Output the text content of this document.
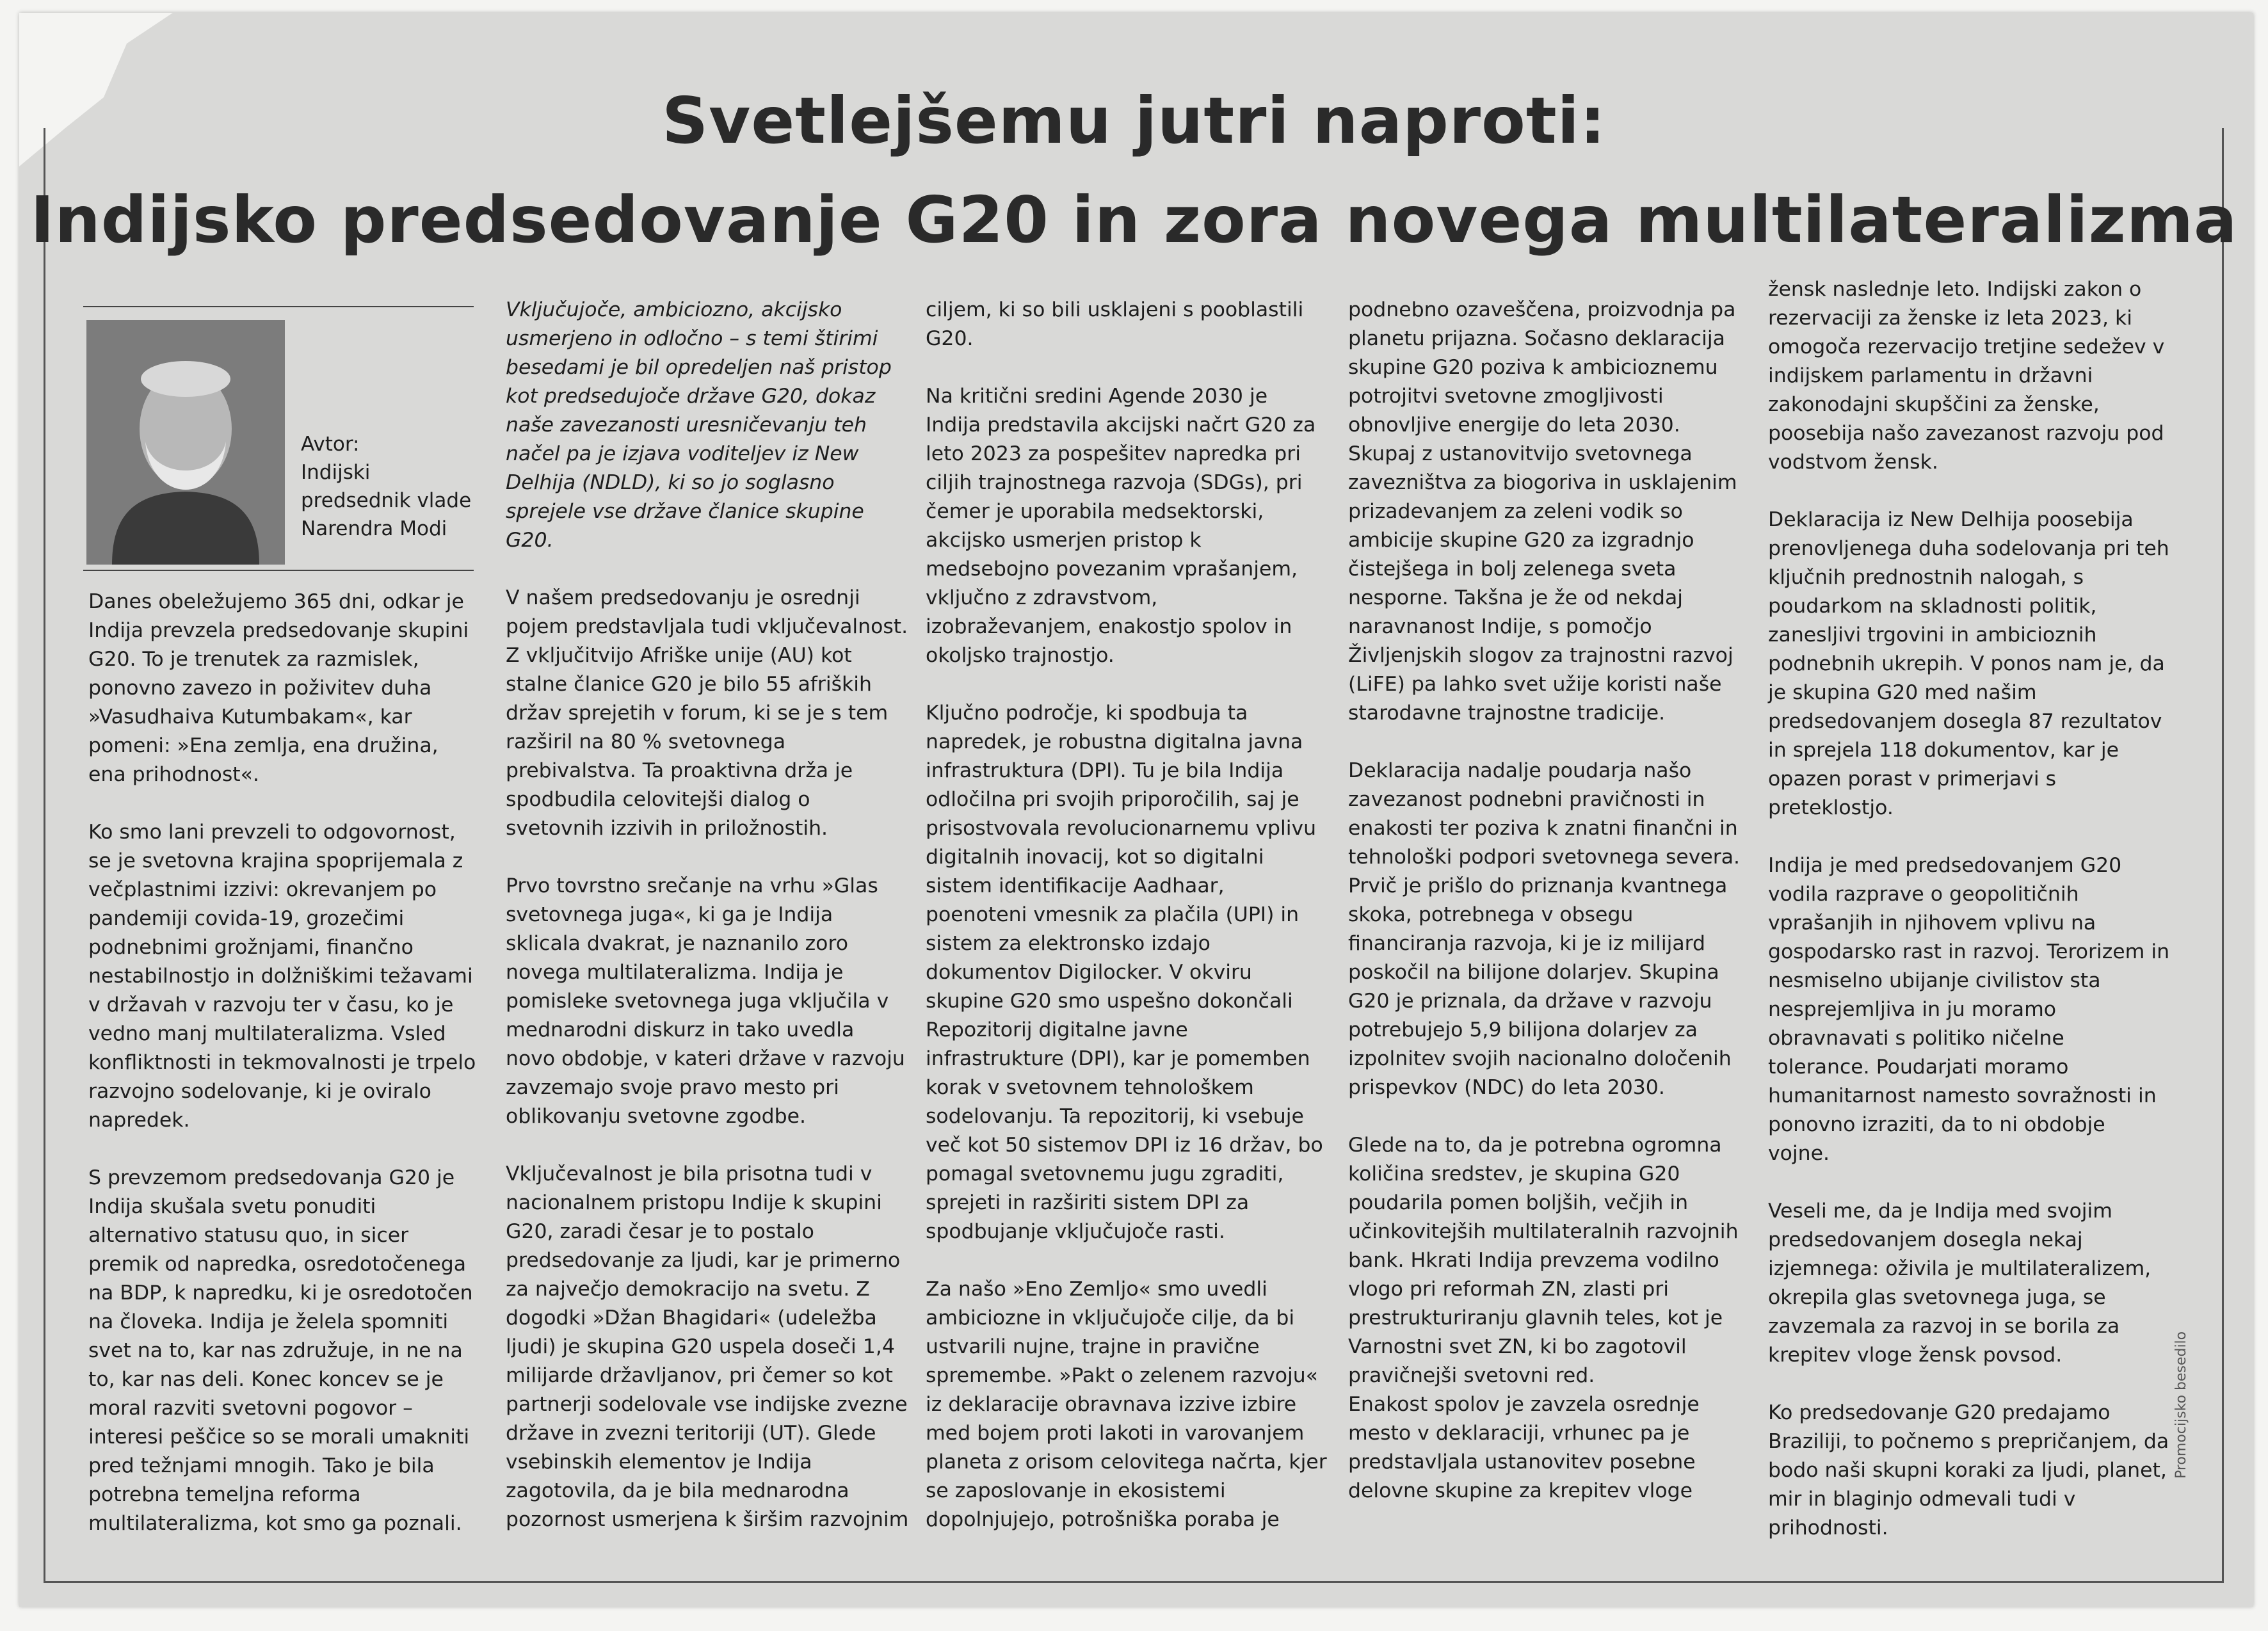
Svetlejšemu jutri naproti:
Indijsko predsedovanje G20 in zora novega multilateralizma
Avtor:
Indijski predsednik vlade Narendra Modi

Danes obeležujemo 365 dni, odkar je Indija prevzela predsedovanje skupini G20. To je trenutek za razmislek, ponovno zavezo in poživitev duha »Vasudhaiva Kutumbakam«, kar pomeni: »Ena zemlja, ena družina, ena prihodnost«.

Ko smo lani prevzeli to odgovornost, se je svetovna krajina spoprijemala z večplastnimi izzivi: okrevanjem po pandemiji covida-19, grozečimi podnebnimi grožnjami, finančno nestabilnostjo in dolžniškimi težavami v državah v razvoju ter v času, ko je vedno manj multilateralizma. Vsled konfliktnosti in tekmovalnosti je trpelo razvojno sodelovanje, ki je oviralo napredek.

S prevzemom predsedovanja G20 je Indija skušala svetu ponuditi alternativo statusu quo, in sicer premik od napredka, osredotočenega na BDP, k napredku, ki je osredotočen na človeka. Indija je želela spomniti svet na to, kar nas združuje, in ne na to, kar nas deli. Konec koncev se je moral razviti svetovni pogovor – interesi peščice so se morali umakniti pred težnjami mnogih. Tako je bila potrebna temeljna reforma multilateralizma, kot smo ga poznali.

Vključujoče, ambiciozno, akcijsko usmerjeno in odločno – s temi štirimi besedami je bil opredeljen naš pristop kot predsedujoče države G20, dokaz naše zavezanosti uresničevanju teh načel pa je izjava voditeljev iz New Delhija (NDLD), ki so jo soglasno sprejele vse države članice skupine G20.

V našem predsedovanju je osrednji pojem predstavljala tudi vključevalnost. Z vključitvijo Afriške unije (AU) kot stalne članice G20 je bilo 55 afriških držav sprejetih v forum, ki se je s tem razširil na 80 % svetovnega prebivalstva. Ta proaktivna drža je spodbudila celovitejši dialog o svetovnih izzivih in priložnostih.

Prvo tovrstno srečanje na vrhu »Glas svetovnega juga«, ki ga je Indija sklicala dvakrat, je naznanilo zoro novega multilateralizma. Indija je pomisleke svetovnega juga vključila v mednarodni diskurz in tako uvedla novo obdobje, v kateri države v razvoju zavzemajo svoje pravo mesto pri oblikovanju svetovne zgodbe.

Vključevalnost je bila prisotna tudi v nacionalnem pristopu Indije k skupini G20, zaradi česar je to postalo predsedovanje za ljudi, kar je primerno za največjo demokracijo na svetu. Z dogodki »Džan Bhagidari« (udeležba ljudi) je skupina G20 uspela doseči 1,4 milijarde državljanov, pri čemer so kot partnerji sodelovale vse indijske zvezne države in zvezni teritoriji (UT). Glede vsebinskih elementov je Indija zagotovila, da je bila mednarodna pozornost usmerjena k širšim razvojnim

ciljem, ki so bili usklajeni s pooblastili G20.

Na kritični sredini Agende 2030 je Indija predstavila akcijski načrt G20 za leto 2023 za pospešitev napredka pri ciljih trajnostnega razvoja (SDGs), pri čemer je uporabila medsektorski, akcijsko usmerjen pristop k medsebojno povezanim vprašanjem, vključno z zdravstvom, izobraževanjem, enakostjo spolov in okoljsko trajnostjo.

Ključno področje, ki spodbuja ta napredek, je robustna digitalna javna infrastruktura (DPI). Tu je bila Indija odločilna pri svojih priporočilih, saj je prisostvovala revolucionarnemu vplivu digitalnih inovacij, kot so digitalni sistem identifikacije Aadhaar, poenoteni vmesnik za plačila (UPI) in sistem za elektronsko izdajo dokumentov Digilocker. V okviru skupine G20 smo uspešno dokončali Repozitorij digitalne javne infrastrukture (DPI), kar je pomemben korak v svetovnem tehnološkem sodelovanju. Ta repozitorij, ki vsebuje več kot 50 sistemov DPI iz 16 držav, bo pomagal svetovnemu jugu zgraditi, sprejeti in razširiti sistem DPI za spodbujanje vključujoče rasti.

Za našo »Eno Zemljo« smo uvedli ambiciozne in vključujoče cilje, da bi ustvarili nujne, trajne in pravične spremembe. »Pakt o zelenem razvoju« iz deklaracije obravnava izzive izbire med bojem proti lakoti in varovanjem planeta z orisom celovitega načrta, kjer se zaposlovanje in ekosistemi dopolnjujejo, potrošniška poraba je

podnebno ozaveščena, proizvodnja pa planetu prijazna. Sočasno deklaracija skupine G20 poziva k ambicioznemu potrojitvi svetovne zmogljivosti obnovljive energije do leta 2030. Skupaj z ustanovitvijo svetovnega zavezništva za biogoriva in usklajenim prizadevanjem za zeleni vodik so ambicije skupine G20 za izgradnjo čistejšega in bolj zelenega sveta nesporne. Takšna je že od nekdaj naravnanost Indije, s pomočjo Življenjskih slogov za trajnostni razvoj (LiFE) pa lahko svet užije koristi naše starodavne trajnostne tradicije.

Deklaracija nadalje poudarja našo zavezanost podnebni pravičnosti in enakosti ter poziva k znatni finančni in tehnološki podpori svetovnega severa. Prvič je prišlo do priznanja kvantnega skoka, potrebnega v obsegu financiranja razvoja, ki je iz milijard poskočil na bilijone dolarjev. Skupina G20 je priznala, da države v razvoju potrebujejo 5,9 bilijona dolarjev za izpolnitev svojih nacionalno določenih prispevkov (NDC) do leta 2030.

Glede na to, da je potrebna ogromna količina sredstev, je skupina G20 poudarila pomen boljših, večjih in učinkovitejših multilateralnih razvojnih bank. Hkrati Indija prevzema vodilno vlogo pri reformah ZN, zlasti pri prestrukturiranju glavnih teles, kot je Varnostni svet ZN, ki bo zagotovil pravičnejši svetovni red.
Enakost spolov je zavzela osrednje mesto v deklaraciji, vrhunec pa je predstavljala ustanovitev posebne delovne skupine za krepitev vloge

žensk naslednje leto. Indijski zakon o rezervaciji za ženske iz leta 2023, ki omogoča rezervacijo tretjine sedežev v indijskem parlamentu in državni zakonodajni skupščini za ženske, poosebija našo zavezanost razvoju pod vodstvom žensk.

Deklaracija iz New Delhija poosebija prenovljenega duha sodelovanja pri teh ključnih prednostnih nalogah, s poudarkom na skladnosti politik, zanesljivi trgovini in ambicioznih podnebnih ukrepih. V ponos nam je, da je skupina G20 med našim predsedovanjem dosegla 87 rezultatov in sprejela 118 dokumentov, kar je opazen porast v primerjavi s preteklostjo.

Indija je med predsedovanjem G20 vodila razprave o geopolitičnih vprašanjih in njihovem vplivu na gospodarsko rast in razvoj. Terorizem in nesmiselno ubijanje civilistov sta nesprejemljiva in ju moramo obravnavati s politiko ničelne tolerance. Poudarjati moramo humanitarnost namesto sovražnosti in ponovno izraziti, da to ni obdobje vojne.

Veseli me, da je Indija med svojim predsedovanjem dosegla nekaj izjemnega: oživila je multilateralizem, okrepila glas svetovnega juga, se zavzemala za razvoj in se borila za krepitev vloge žensk povsod.

Ko predsedovanje G20 predajamo Braziliji, to počnemo s prepričanjem, da bodo naši skupni koraki za ljudi, planet, mir in blaginjo odmevali tudi v prihodnosti.

Promocijsko besedilo
